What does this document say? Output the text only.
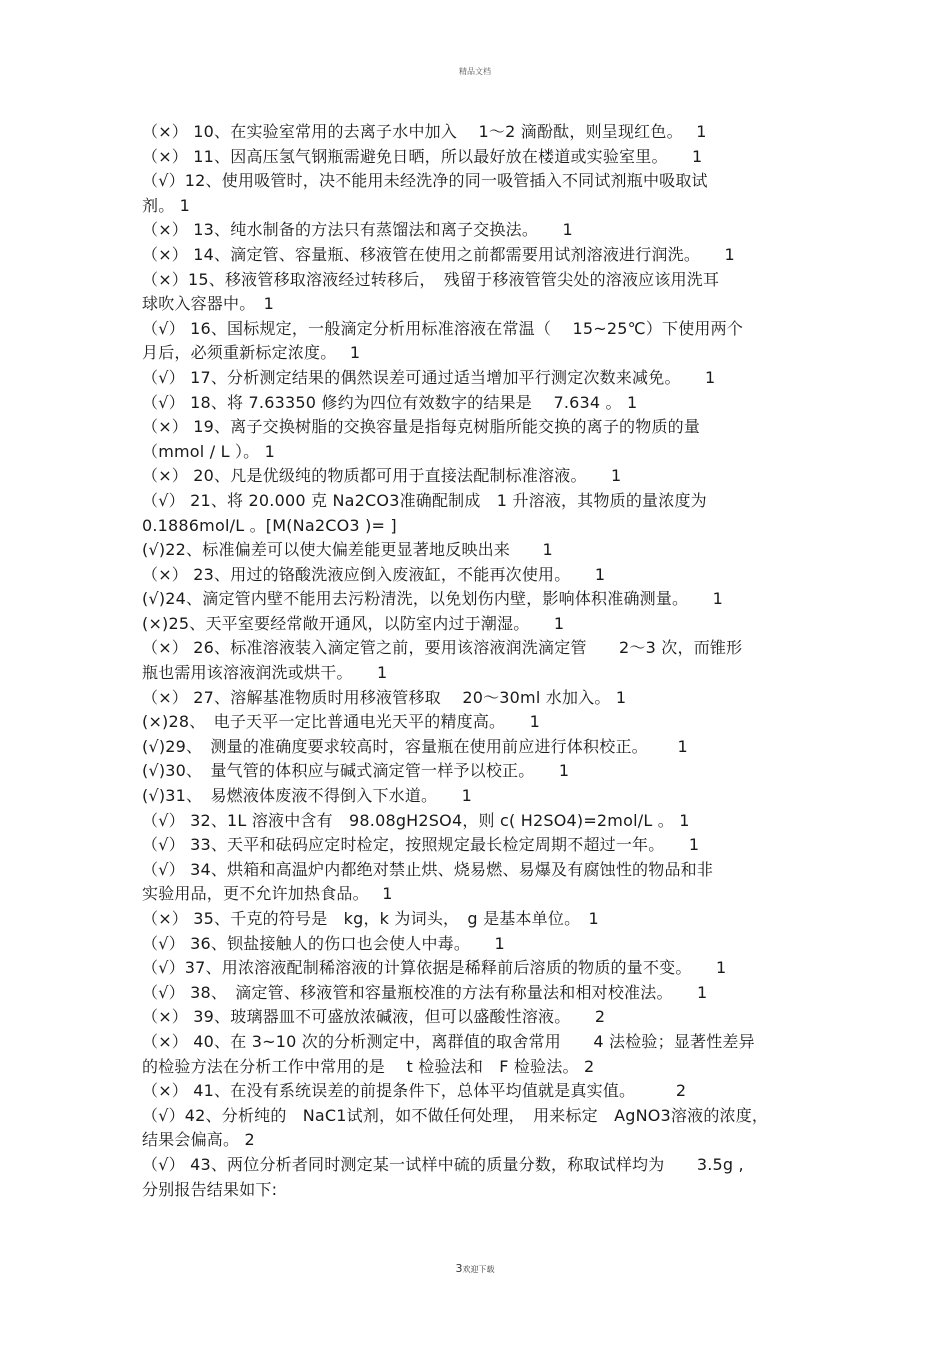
精品文档
（×） 10、在实验室常用的去离子水中加入　 1～2 滴酚酞，则呈现红色。　 1
（×） 11、因高压氢气钢瓶需避免日晒，所以最好放在楼道或实验室里。　　1
（√）12、使用吸管时，决不能用未经洗净的同一吸管插入不同试剂瓶中吸取试
剂。 1
（×） 13、纯水制备的方法只有蒸馏法和离子交换法。　　1
（×） 14、滴定管、容量瓶、移液管在使用之前都需要用试剂溶液进行润洗。　　1
（×）15、移液管移取溶液经过转移后，　残留于移液管管尖处的溶液应该用洗耳
球吹入容器中。　1
（√） 16、国标规定，一般滴定分析用标准溶液在常温（　 15~25℃）下使用两个
月后，必须重新标定浓度。　 1
（√） 17、分析测定结果的偶然误差可通过适当增加平行测定次数来减免。　　1
（√） 18、将 7.63350 修约为四位有效数字的结果是　 7.634 。 1
（×） 19、离子交换树脂的交换容量是指每克树脂所能交换的离子的物质的量
（mmol / L ）。 1
（×） 20、凡是优级纯的物质都可用于直接法配制标准溶液。　　1
（√） 21、将 20.000 克 Na2CO3准确配制成　1 升溶液，其物质的量浓度为
0.1886mol/L 。[M(Na2CO3 )= ]
(√)22、标准偏差可以使大偏差能更显著地反映出来　　1
（×） 23、用过的铬酸洗液应倒入废液缸，不能再次使用。　　1
(√)24、滴定管内壁不能用去污粉清洗，以免划伤内壁，影响体积准确测量。　　1
(×)25、天平室要经常敞开通风，以防室内过于潮湿。　　1
（×） 26、标准溶液装入滴定管之前，要用该溶液润洗滴定管　　2～3 次，而锥形
瓶也需用该溶液润洗或烘干。　　1
（×） 27、溶解基准物质时用移液管移取　 20～30ml 水加入。 1
(×)28、　电子天平一定比普通电光天平的精度高。　　1
(√)29、　测量的准确度要求较高时，容量瓶在使用前应进行体积校正。　　 1
(√)30、　量气管的体积应与碱式滴定管一样予以校正。　　1
(√)31、　易燃液体废液不得倒入下水道。　　1
（√） 32、1L 溶液中含有　98.08gH2SO4，则 c( H2SO4)=2mol/L 。 1
（√） 33、天平和砝码应定时检定，按照规定最长检定周期不超过一年。　　1
（√） 34、烘箱和高温炉内都绝对禁止烘、烧易燃、易爆及有腐蚀性的物品和非
实验用品，更不允许加热食品。　 1
（×） 35、千克的符号是　kg，k 为词头，　g 是基本单位。　1
（√） 36、钡盐接触人的伤口也会使人中毒。　　1
（√）37、用浓溶液配制稀溶液的计算依据是稀释前后溶质的物质的量不变。　　1
（√） 38、　滴定管、移液管和容量瓶校准的方法有称量法和相对校准法。　　1
（×） 39、玻璃器皿不可盛放浓碱液，但可以盛酸性溶液。　　2
（×） 40、在 3~10 次的分析测定中，离群值的取舍常用　　4 法检验；显著性差异
的检验方法在分析工作中常用的是　 t 检验法和　F 检验法。 2
（×） 41、在没有系统误差的前提条件下，总体平均值就是真实值。　　　2
（√）42、分析纯的　NaC1试剂，如不做任何处理，　用来标定　AgNO3溶液的浓度，
结果会偏高。 2
（√） 43、两位分析者同时测定某一试样中硫的质量分数，称取试样均为　　3.5g ,
分别报告结果如下:
3欢迎下载
